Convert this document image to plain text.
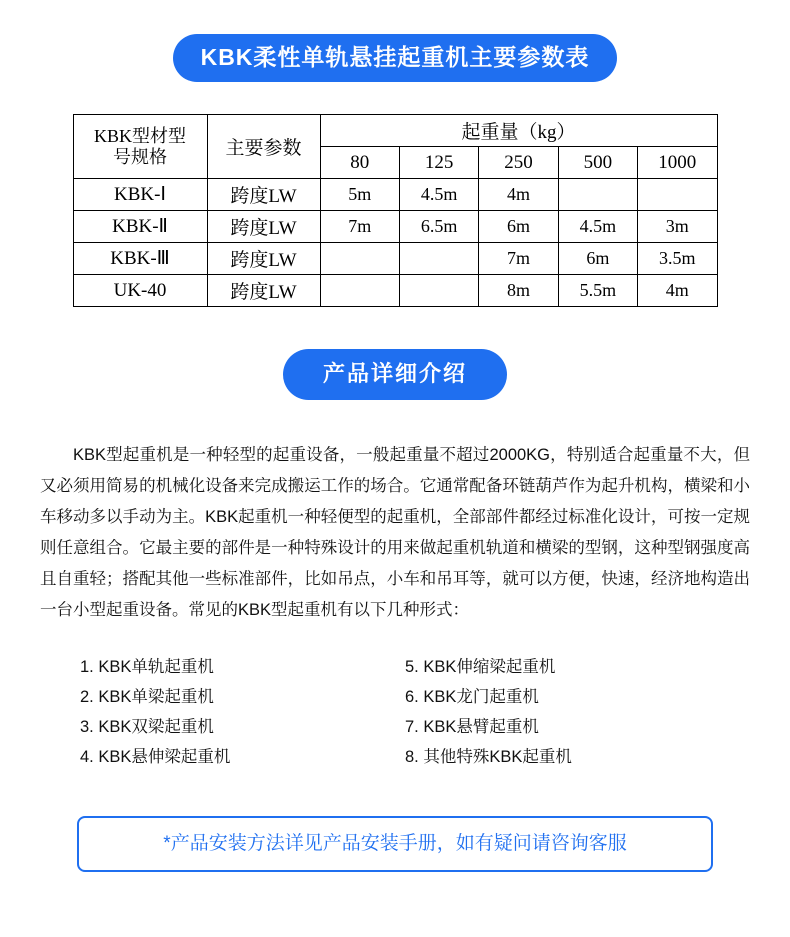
KBK柔性单轨悬挂起重机主要参数表
KBK型材型
号规格	主要参数	起重量（kg）				
		80	125	250	500	1000
KBK-Ⅰ	跨度LW	5m	4.5m	4m		
KBK-Ⅱ	跨度LW	7m	6.5m	6m	4.5m	3m
KBK-Ⅲ	跨度LW			7m	6m	3.5m
UK-40	跨度LW			8m	5.5m	4m
产品详细介绍

KBK型起重机是一种轻型的起重设备，一般起重量不超过2000KG，特别适合起重量不大，但又必须用简易的机械化设备来完成搬运工作的场合。它通常配备环链葫芦作为起升机构，横梁和小车移动多以手动为主。KBK起重机一种轻便型的起重机，全部部件都经过标准化设计，可按一定规则任意组合。它最主要的部件是一种特殊设计的用来做起重机轨道和横梁的型钢，这种型钢强度高且自重轻；搭配其他一些标准部件，比如吊点，小车和吊耳等，就可以方便，快速，经济地构造出一台小型起重设备。常见的KBK型起重机有以下几种形式：

1. KBK单轨起重机
2. KBK单梁起重机
3. KBK双梁起重机
4. KBK悬伸梁起重机
5. KBK伸缩梁起重机
6. KBK龙门起重机
7. KBK悬臂起重机
8. 其他特殊KBK起重机
*产品安装方法详见产品安装手册，如有疑问请咨询客服
